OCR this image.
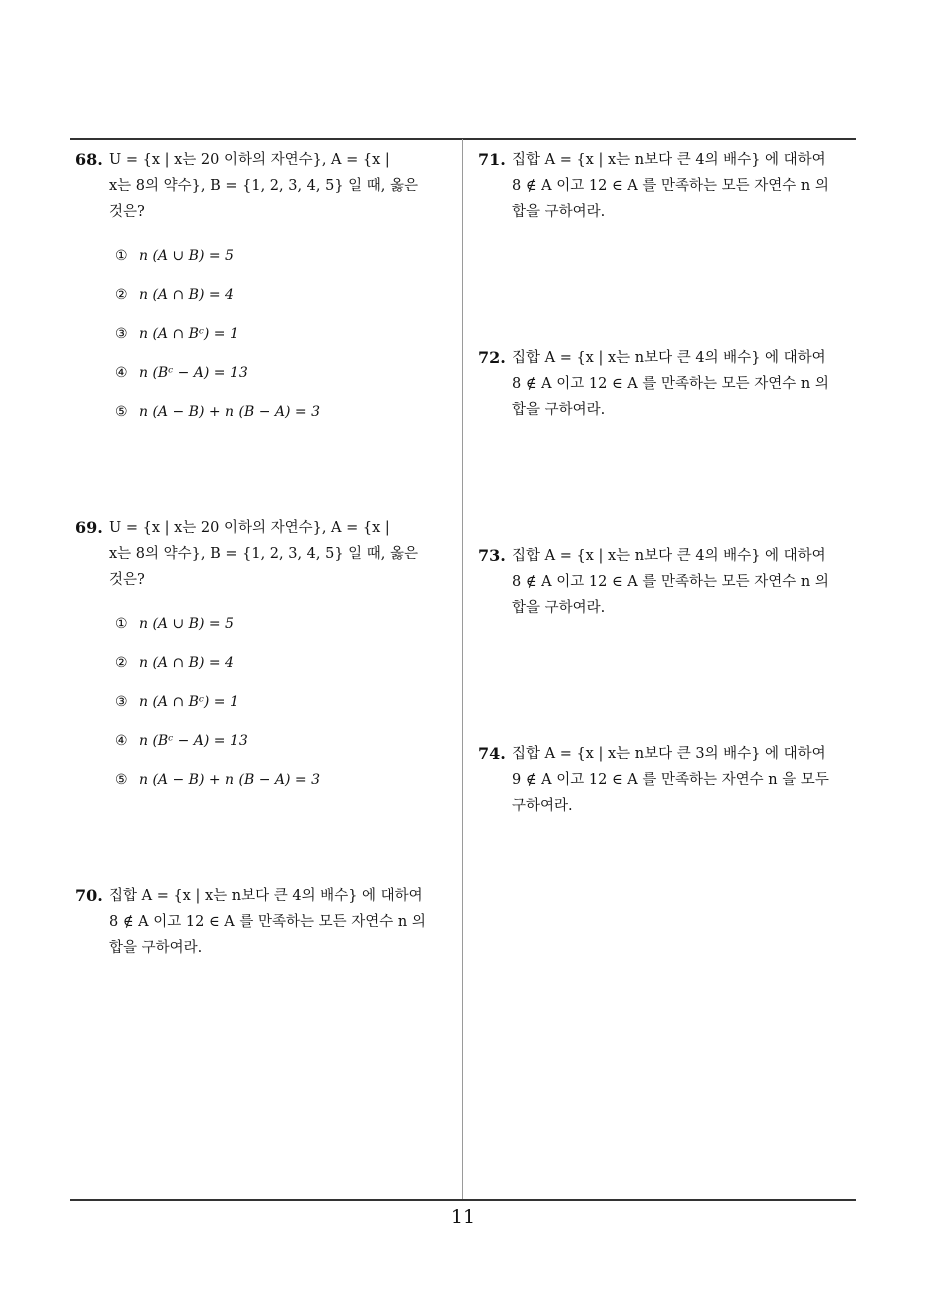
68. U = {x | x는 20 이하의 자연수}, A = {x |
x는 8의 약수}, B = {1, 2, 3, 4, 5} 일 때, 옳은
것은?
① n (A ∪ B) = 5
② n (A ∩ B) = 4
③ n (A ∩ Bᶜ) = 1
④ n (Bᶜ − A) = 13
⑤ n (A − B) + n (B − A) = 3
69. U = {x | x는 20 이하의 자연수}, A = {x |
x는 8의 약수}, B = {1, 2, 3, 4, 5} 일 때, 옳은
것은?
① n (A ∪ B) = 5
② n (A ∩ B) = 4
③ n (A ∩ Bᶜ) = 1
④ n (Bᶜ − A) = 13
⑤ n (A − B) + n (B − A) = 3
70. 집합 A = {x | x는 n보다 큰 4의 배수} 에 대하여
8 ∉ A 이고 12 ∈ A 를 만족하는 모든 자연수 n 의
합을 구하여라.
71. 집합 A = {x | x는 n보다 큰 4의 배수} 에 대하여
8 ∉ A 이고 12 ∈ A 를 만족하는 모든 자연수 n 의
합을 구하여라.
72. 집합 A = {x | x는 n보다 큰 4의 배수} 에 대하여
8 ∉ A 이고 12 ∈ A 를 만족하는 모든 자연수 n 의
합을 구하여라.
73. 집합 A = {x | x는 n보다 큰 4의 배수} 에 대하여
8 ∉ A 이고 12 ∈ A 를 만족하는 모든 자연수 n 의
합을 구하여라.
74. 집합 A = {x | x는 n보다 큰 3의 배수} 에 대하여
9 ∉ A 이고 12 ∈ A 를 만족하는 자연수 n 을 모두
구하여라.
11
